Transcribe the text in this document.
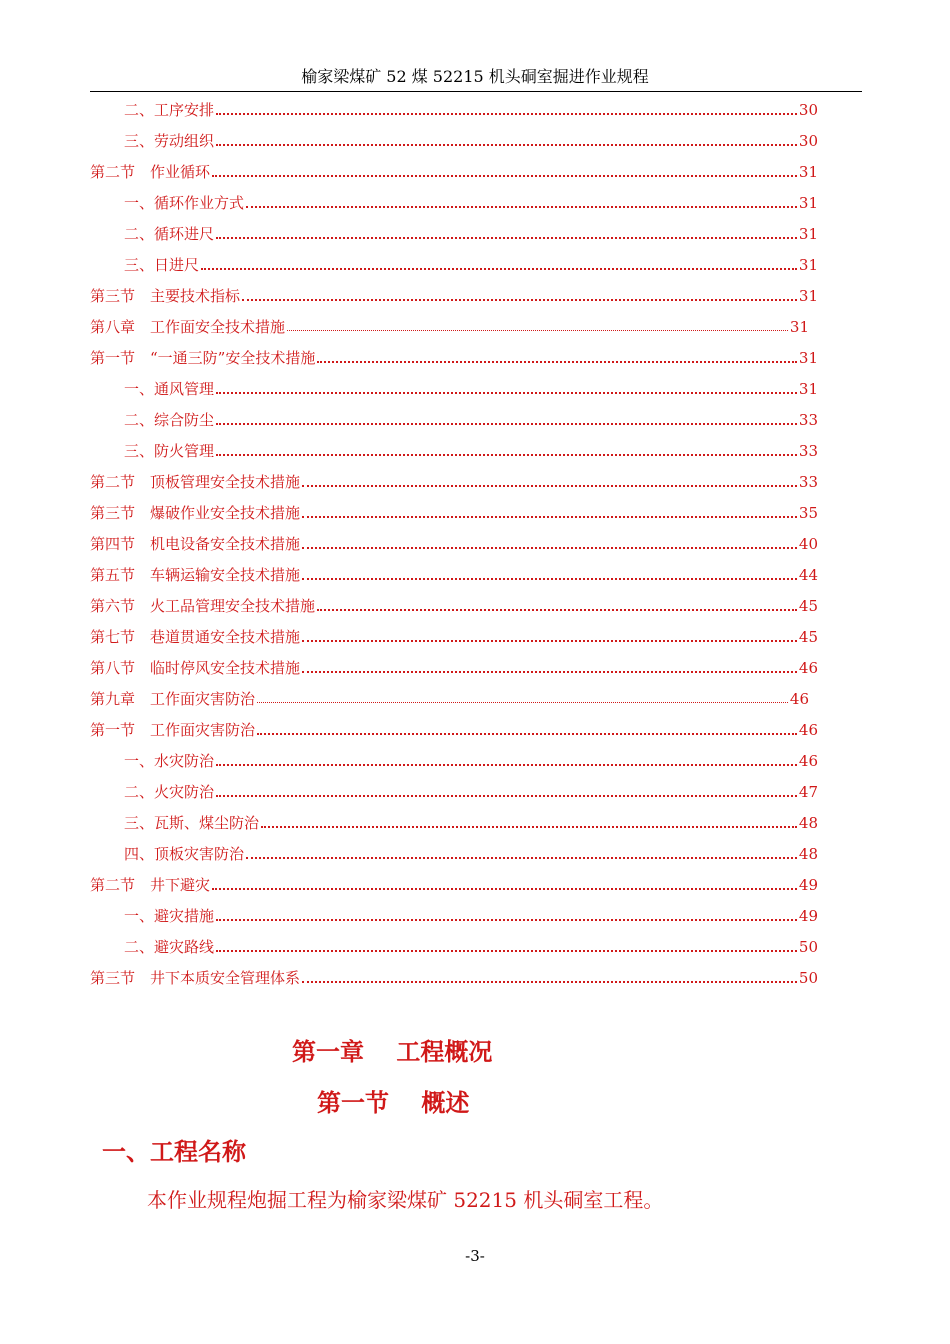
榆家梁煤矿 52 煤 52215 机头硐室掘进作业规程
二、工序安排	30
三、劳动组织	30
第二节　作业循环	31
一、循环作业方式	31
二、循环进尺	31
三、日进尺	31
第三节　主要技术指标	31
第八章　工作面安全技术措施	31
第一节　“一通三防”安全技术措施	31
一、通风管理	31
二、综合防尘	33
三、防火管理	33
第二节　顶板管理安全技术措施	33
第三节　爆破作业安全技术措施	35
第四节　机电设备安全技术措施	40
第五节　车辆运输安全技术措施	44
第六节　火工品管理安全技术措施	45
第七节　巷道贯通安全技术措施	45
第八节　临时停风安全技术措施	46
第九章　工作面灾害防治	46
第一节　工作面灾害防治	46
一、水灾防治	46
二、火灾防治	47
三、瓦斯、煤尘防治	48
四、顶板灾害防治	48
第二节　井下避灾	49
一、避灾措施	49
二、避灾路线	50
第三节　井下本质安全管理体系	50
第一章　 工程概况
第一节　 概述
一、工程名称
本作业规程炮掘工程为榆家梁煤矿 52215 机头硐室工程。
-3-
